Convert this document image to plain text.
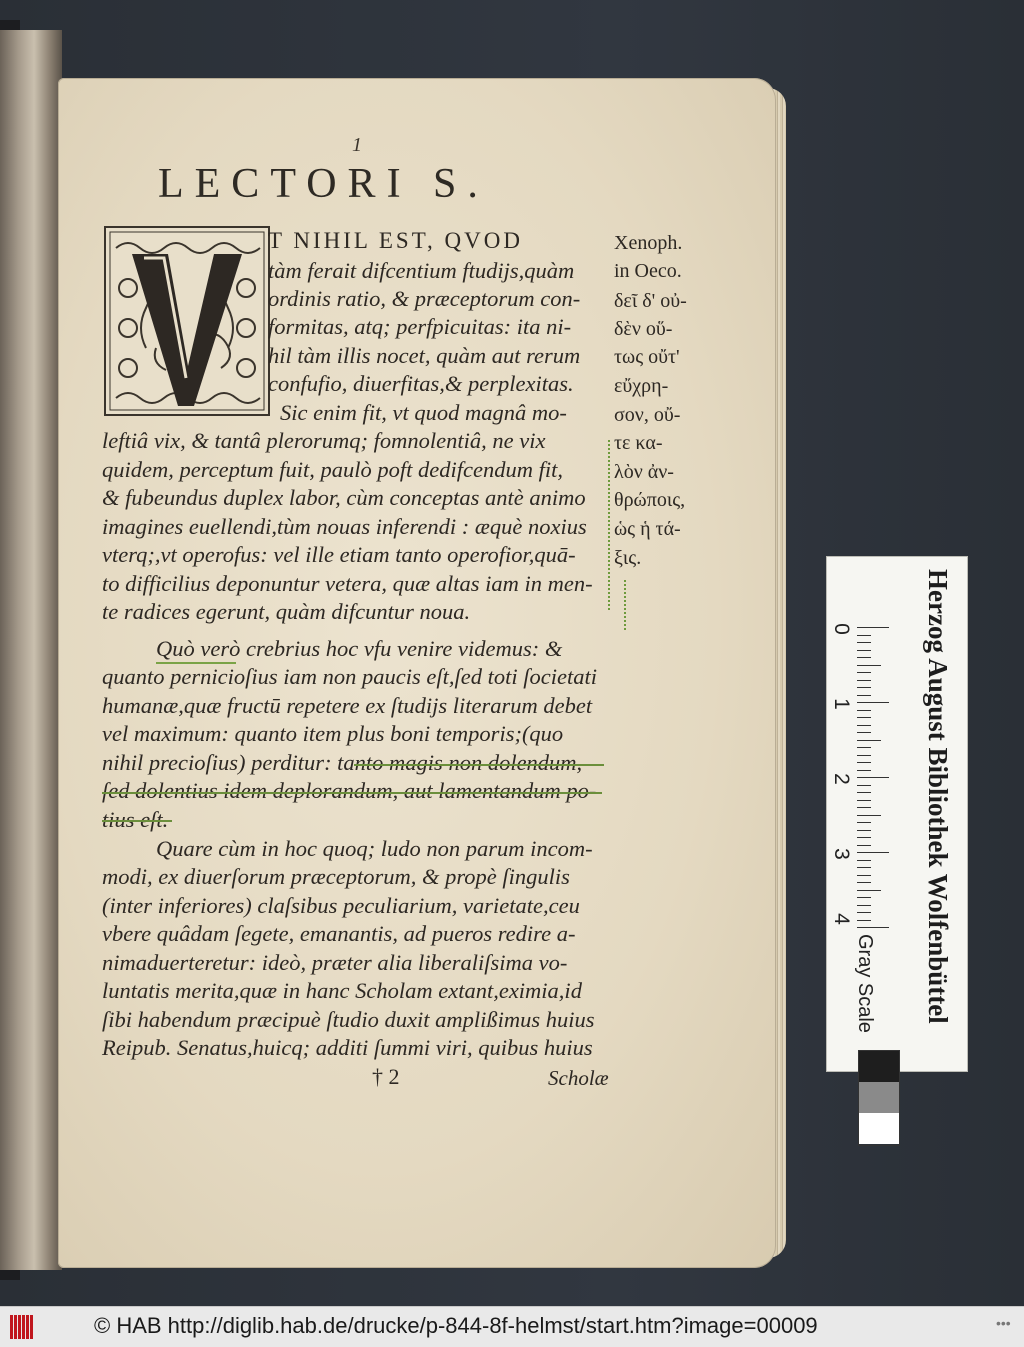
1
LECTORI S.
T NIHIL EST, QVOD
tàm ferait difcentium ftudijs,quàm
ordinis ratio, & præceptorum con-
formitas, atq; perfpicuitas: ita ni-
hil tàm illis nocet, quàm aut rerum
confufio, diuerfitas,& perplexitas.
Sic enim fit, vt quod magnâ mo-
leftiâ vix, & tantâ plerorumq; fomnolentiâ, ne vix
quidem, perceptum fuit, paulò poft dedifcendum fit,
& fubeundus duplex labor, cùm conceptas antè animo
imagines euellendi,tùm nouas inferendi : æquè noxius
vterq;,vt operofus: vel ille etiam tanto operofior,quā-
to difficilius deponuntur vetera, quæ altas iam in men-
te radices egerunt, quàm difcuntur noua.
Quò verò crebrius hoc vfu venire videmus: &
quanto pernicioſius iam non paucis eſt,ſed toti ſocietati
humanæ,quæ fructū repetere ex ſtudijs literarum debet
vel maximum: quanto item plus boni temporis;(quo
nihil precioſius) perditur: tanto magis non dolendum,
ſed dolentius idem deplorandum, aut lamentandum po-
tius eſt.
Quare cùm in hoc quoq; ludo non parum incom-
modi, ex diuerſorum præceptorum, & propè ſingulis
(inter inferiores) claſsibus peculiarium, varietate,ceu
vbere quâdam ſegete, emanantis, ad pueros redire a-
nimaduerteretur: ideò, præter alia liberaliſsima vo-
luntatis merita,quæ in hanc Scholam extant,eximia,id
ſibi habendum præcipuè ſtudio duxit amplißimus huius
Reipub. Senatus,huicq; additi ſummi viri, quibus huius
Xenoph.
in Oeco.
δεῖ δ' οὐ-
δὲν οὕ-
τως οὔτ'
εὔχρη-
σον, οὔ-
τε κα-
λὸν ἀν-
θρώποις,
ὡς ἡ τά-
ξις.
† 2	Scholæ
0
1
2
3
4	Herzog August Bibliothek Wolfenbüttel
Gray Scale
© HAB http://diglib.hab.de/drucke/p-844-8f-helmst/start.htm?image=00009	•••
